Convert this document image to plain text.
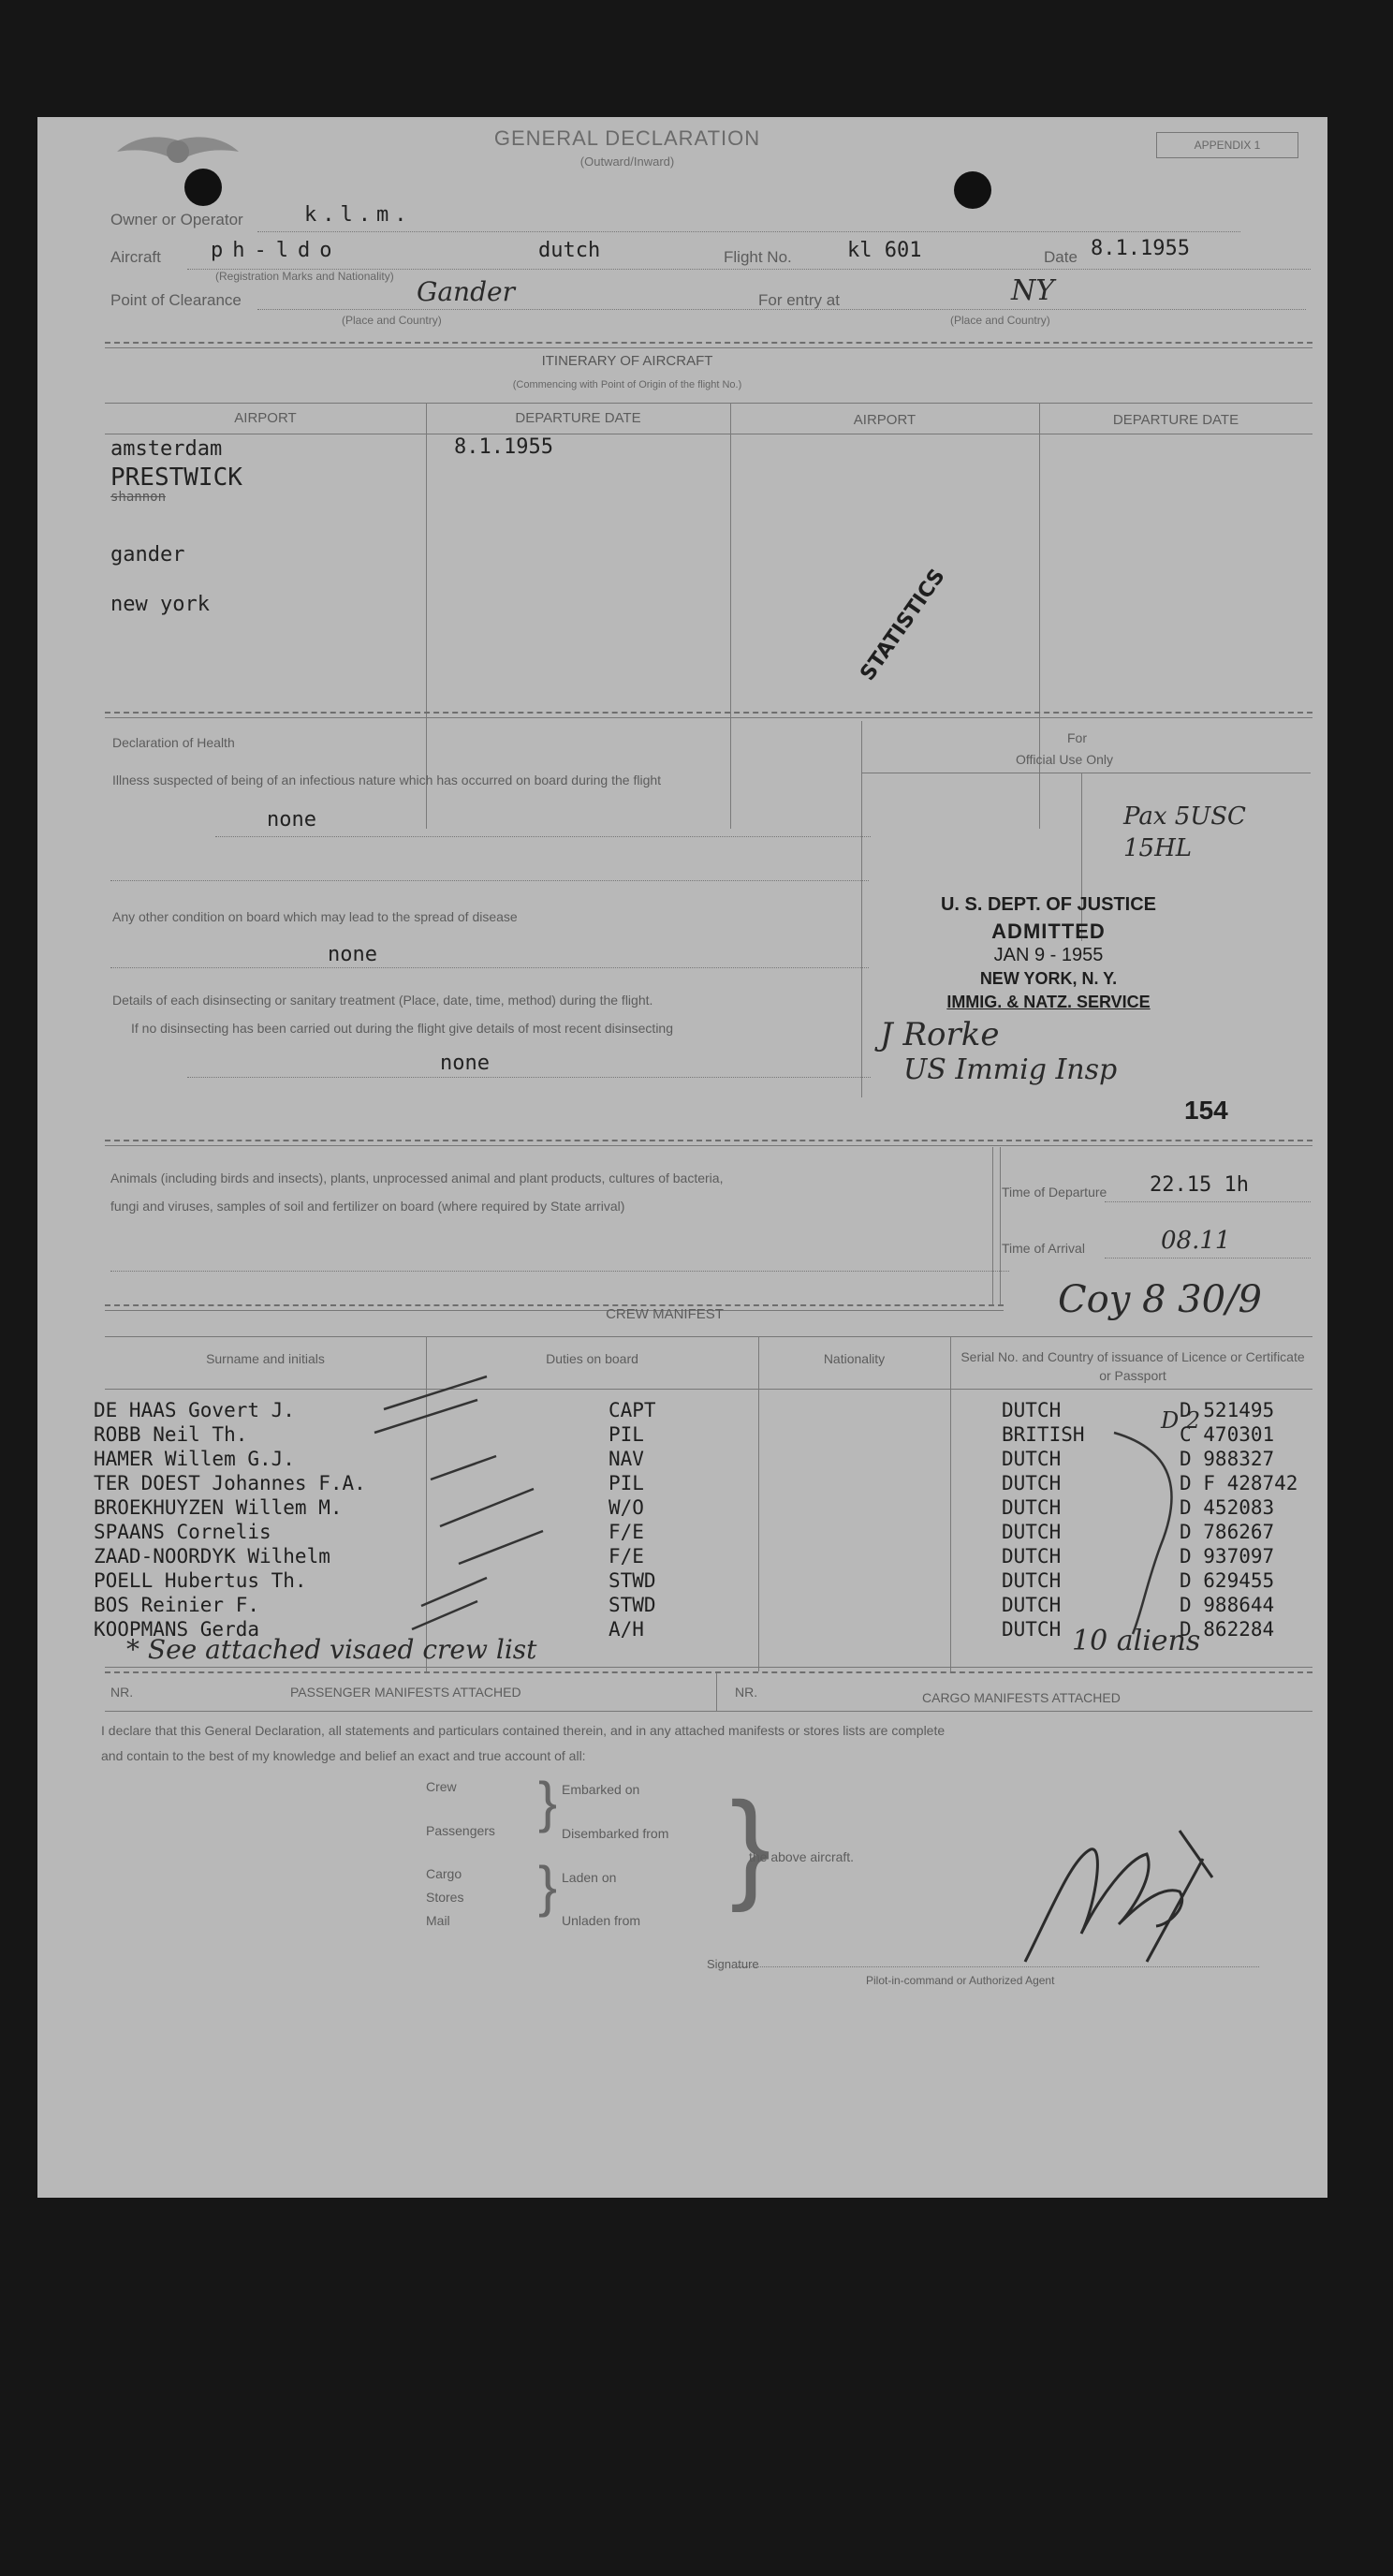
GENERAL DECLARATION
(Outward/Inward)
APPENDIX 1
Owner or Operator	k.l.m.
Aircraft ph-ldo	dutch
(Registration Marks and Nationality)
Flight No.	kl 601	Date 8.1.1955
Point of Clearance	Gander
(Place and Country)
For entry at	NY
(Place and Country)
ITINERARY OF AIRCRAFT
(Commencing with Point of Origin of the flight No.)
AIRPORT	DEPARTURE DATE	AIRPORT	DEPARTURE DATE
amsterdam
PRESTWICK
shannon
gander
new york
8.1.1955
STATISTICS
Declaration of Health
Illness suspected of being of an infectious nature which has occurred on board during the flight
none
Any other condition on board which may lead to the spread of disease
none
Details of each disinsecting or sanitary treatment (Place, date, time, method) during the flight.
If no disinsecting has been carried out during the flight give details of most recent disinsecting
none
For
Official Use Only
Pax 5USC 15HL
U. S. DEPT. OF JUSTICE
ADMITTED
JAN 9 - 1955
NEW YORK, N. Y.
IMMIG. & NATZ. SERVICE
J Rorke
US Immig Insp
154
Animals (including birds and insects), plants, unprocessed animal and plant products, cultures of bacteria,
fungi and viruses, samples of soil and fertilizer on board (where required by State arrival)
Time of Departure 22.15 1h
Time of Arrival	08.11
Coy 8 30/9
CREW MANIFEST
Surname and initials	Duties on board	Nationality	Serial No. and Country of issuance of Licence or Certificate or Passport
DE HAAS Govert J.	CAPT	DUTCH	D 521495
ROBB Neil Th.	PIL	BRITISH	C 470301
HAMER Willem G.J.	NAV	DUTCH	D 988327
TER DOEST Johannes F.A.	PIL	DUTCH	D F 428742
BROEKHUYZEN Willem M.	W/O	DUTCH	D 452083
SPAANS Cornelis	F/E	DUTCH	D 786267
ZAAD-NOORDYK Wilhelm	F/E	DUTCH	D 937097
POELL Hubertus Th.	STWD	DUTCH	D 629455
BOS Reinier F.	STWD	DUTCH	D 988644
KOOPMANS Gerda	A/H	DUTCH	D 862284
D 2
10 aliens
* See attached visaed crew list
NR.	PASSENGER MANIFESTS ATTACHED	NR.	CARGO MANIFESTS ATTACHED
I declare that this General Declaration, all statements and particulars contained therein, and in any attached manifests or stores lists are complete
and contain to the best of my knowledge and belief an exact and true account of all:
Crew
Passengers
Cargo
Stores
Mail
}
}
Embarked on
Disembarked from
Laden on
Unladen from
}
the above aircraft.
Signature
Pilot-in-command or Authorized Agent
